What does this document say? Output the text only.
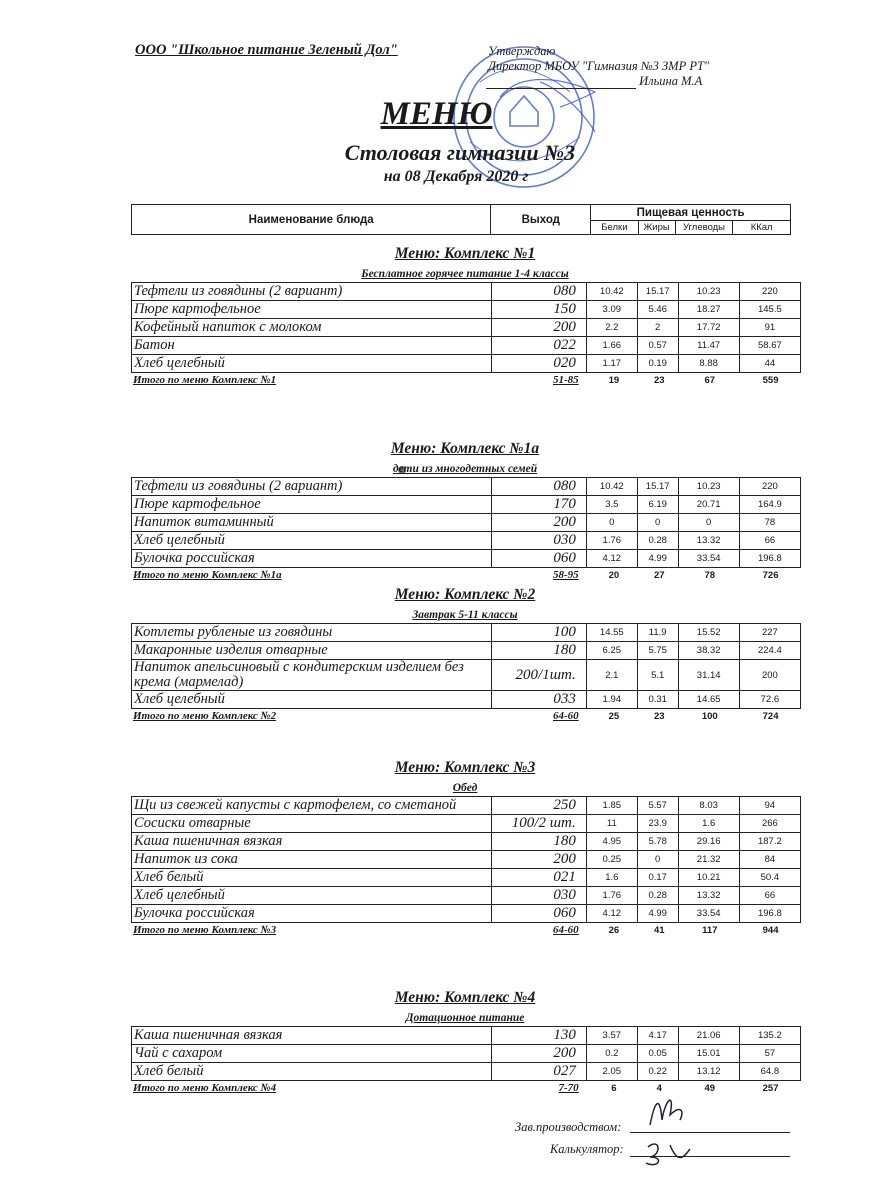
ООО "Школьное питание Зеленый Дол"	Утверждаю
Директор МБОУ "Гимназия №3 ЗМР РТ"
Ильина М.А
МЕНЮ
Столовая гимназии №3
на 08 Декабря 2020 г
Наименование блюда	Выход	Пищевая ценность			
		Белки	Жиры	Углеводы	ККал
Зав.производством:
Калькулятор:
Меню: Комплекс №1
Бесплатное горячее питание 1-4 классы
Тефтели из говядины (2 вариант)	080	10.42	15.17	10.23	220
Пюре картофельное	150	3.09	5.46	18.27	145.5
Кофейный напиток с молоком	200	2.2	2	17.72	91
Батон	022	1.66	0.57	11.47	58.67
Хлеб целебный	020	1.17	0.19	8.88	44
Итого по меню Комплекс №1	51-85	19	23	67	559
Меню: Комплекс №1а
дети из многодетных семей
Тефтели из говядины (2 вариант)	080	10.42	15.17	10.23	220
Пюре картофельное	170	3.5	6.19	20.71	164.9
Напиток витаминный	200	0	0	0	78
Хлеб целебный	030	1.76	0.28	13.32	66
Булочка российская	060	4.12	4.99	33.54	196.8
Итого по меню Комплекс №1а	58-95	20	27	78	726
Меню: Комплекс №2
Завтрак 5-11 классы
Котлеты рубленые из говядины	100	14.55	11.9	15.52	227
Макаронные изделия отварные	180	6.25	5.75	38.32	224.4
Напиток апельсиновый с кондитерским изделием без крема (мармелад)	200/1шт.	2.1	5.1	31.14	200
Хлеб целебный	033	1.94	0.31	14.65	72.6
Итого по меню Комплекс №2	64-60	25	23	100	724
Меню: Комплекс №3
Обед
Щи из свежей капусты с картофелем, со сметаной	250	1.85	5.57	8.03	94
Сосиски отварные	100/2 шт.	11	23.9	1.6	266
Каша пшеничная вязкая	180	4.95	5.78	29.16	187.2
Напиток из сока	200	0.25	0	21.32	84
Хлеб белый	021	1.6	0.17	10.21	50.4
Хлеб целебный	030	1.76	0.28	13.32	66
Булочка российская	060	4.12	4.99	33.54	196.8
Итого по меню Комплекс №3	64-60	26	41	117	944
Меню: Комплекс №4
Дотационное питание
Каша пшеничная вязкая	130	3.57	4.17	21.06	135.2
Чай с сахаром	200	0.2	0.05	15.01	57
Хлеб белый	027	2.05	0.22	13.12	64.8
Итого по меню Комплекс №4	7-70	6	4	49	257
